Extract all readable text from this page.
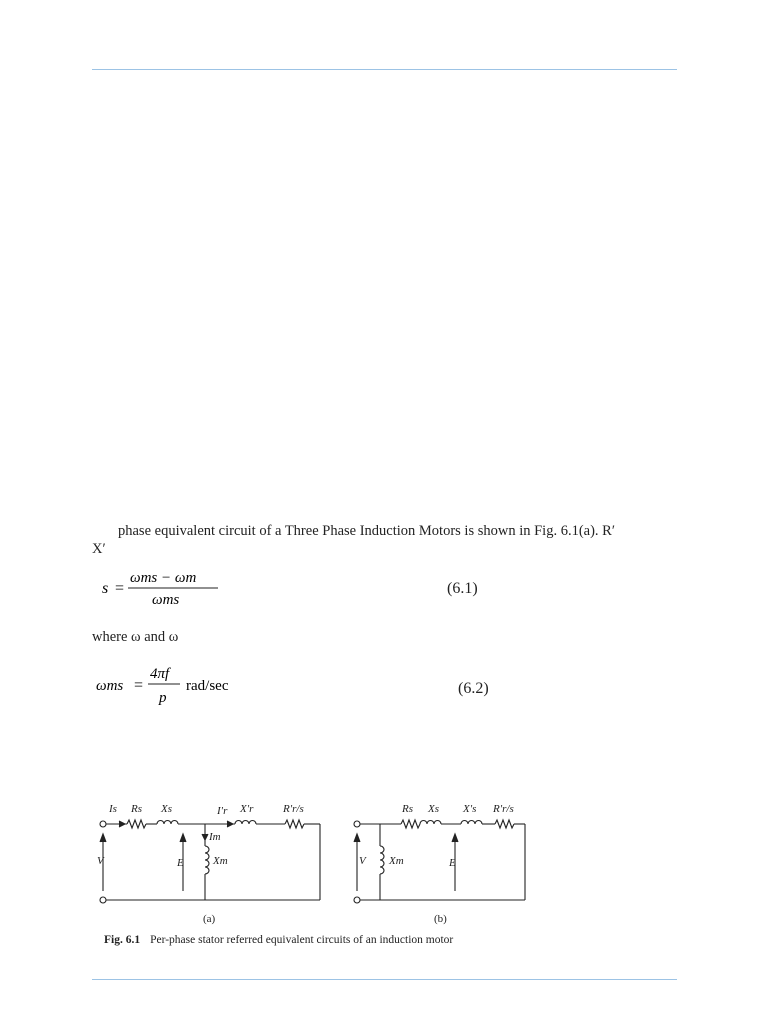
phase equivalent circuit of a Three Phase Induction Motors is shown in Fig. 6.1(a). R′
X′
s =
ωms − ωm
ωms
(6.1)
where ω and ω
ωms =
4πf
p
rad/sec	(6.2)
Is Rs Xs	I′r X′r	R′r/s
Im
Xm
V	E
Rs Xs X′s R′r/s
Xm
V	E
(a)	(b)
Fig. 6.1 Per-phase stator referred equivalent circuits of an induction motor
